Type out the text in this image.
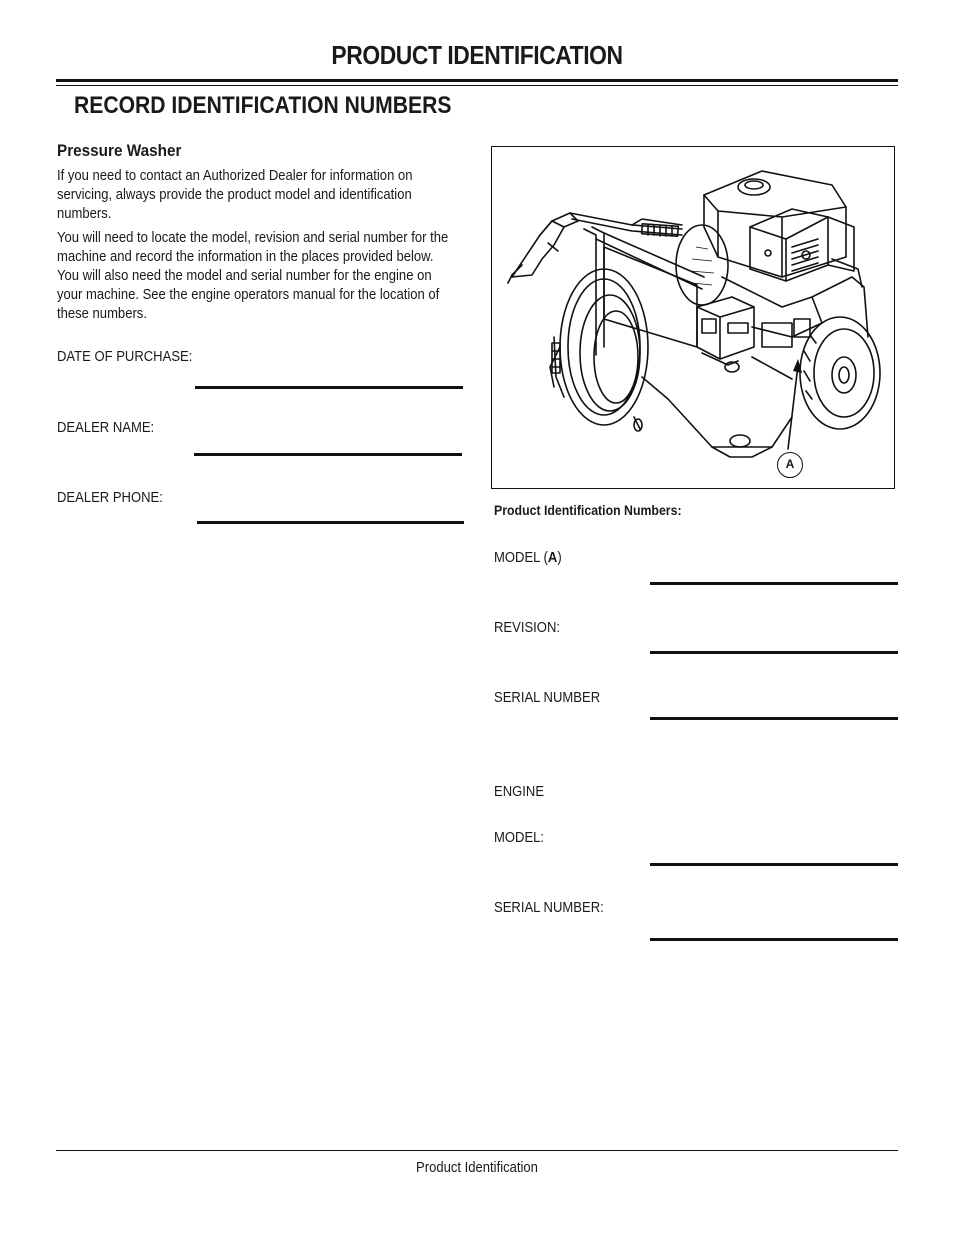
PRODUCT IDENTIFICATION
RECORD IDENTIFICATION NUMBERS
Pressure Washer
If you need to contact an Authorized Dealer for information on servicing, always provide the product model and identification numbers.
You will need to locate the model, revision and serial number for the machine and record the information in the places provided below. You will also need the model and serial number for the engine on your machine. See the engine operators manual for the location of these numbers.
DATE OF PURCHASE:
DEALER NAME:
DEALER PHONE:
A
Product Identification Numbers:
MODEL (A)
REVISION:
SERIAL NUMBER
ENGINE
MODEL:
SERIAL NUMBER:
Product Identification
